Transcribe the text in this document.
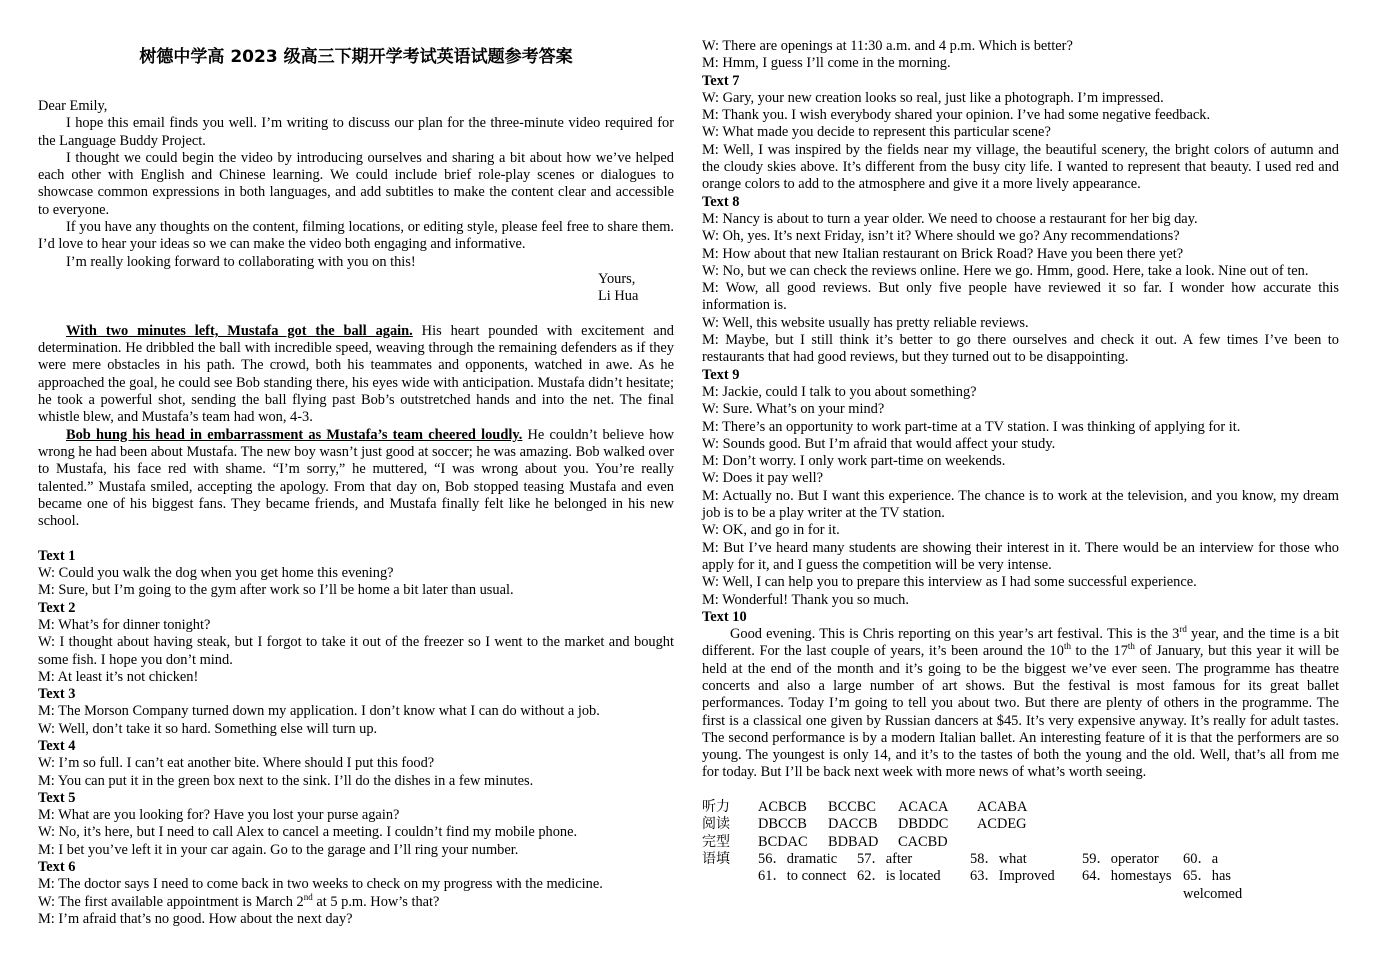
树德中学高 2023 级高三下期开学考试英语试题参考答案

Dear Emily,

I hope this email finds you well. I’m writing to discuss our plan for the three-minute video required for the Language Buddy Project.

I thought we could begin the video by introducing ourselves and sharing a bit about how we’ve helped each other with English and Chinese learning. We could include brief role-play scenes or dialogues to showcase common expressions in both languages, and add subtitles to make the content clear and accessible to everyone.

If you have any thoughts on the content, filming locations, or editing style, please feel free to share them. I’d love to hear your ideas so we can make the video both engaging and informative.

I’m really looking forward to collaborating with you on this!

Yours,

Li Hua

With two minutes left, Mustafa got the ball again. His heart pounded with excitement and determination. He dribbled the ball with incredible speed, weaving through the remaining defenders as if they were mere obstacles in his path. The crowd, both his teammates and opponents, watched in awe. As he approached the goal, he could see Bob standing there, his eyes wide with anticipation. Mustafa didn’t hesitate; he took a powerful shot, sending the ball flying past Bob’s outstretched hands and into the net. The final whistle blew, and Mustafa’s team had won, 4-3.

Bob hung his head in embarrassment as Mustafa’s team cheered loudly. He couldn’t believe how wrong he had been about Mustafa. The new boy wasn’t just good at soccer; he was amazing. Bob walked over to Mustafa, his face red with shame. “I’m sorry,” he muttered, “I was wrong about you. You’re really talented.” Mustafa smiled, accepting the apology. From that day on, Bob stopped teasing Mustafa and even became one of his biggest fans. They became friends, and Mustafa finally felt like he belonged in his new school.

Text 1

W: Could you walk the dog when you get home this evening?

M: Sure, but I’m going to the gym after work so I’ll be home a bit later than usual.

Text 2

M: What’s for dinner tonight?

W: I thought about having steak, but I forgot to take it out of the freezer so I went to the market and bought some fish. I hope you don’t mind.

M: At least it’s not chicken!

Text 3

M: The Morson Company turned down my application. I don’t know what I can do without a job.

W: Well, don’t take it so hard. Something else will turn up.

Text 4

W: I’m so full. I can’t eat another bite. Where should I put this food?

M: You can put it in the green box next to the sink. I’ll do the dishes in a few minutes.

Text 5

M: What are you looking for? Have you lost your purse again?

W: No, it’s here, but I need to call Alex to cancel a meeting. I couldn’t find my mobile phone.

M: I bet you’ve left it in your car again. Go to the garage and I’ll ring your number.

Text 6

M: The doctor says I need to come back in two weeks to check on my progress with the medicine.

W: The first available appointment is March 2nd at 5 p.m. How’s that?

M: I’m afraid that’s no good. How about the next day?

W: There are openings at 11:30 a.m. and 4 p.m. Which is better?

M: Hmm, I guess I’ll come in the morning.

Text 7

W: Gary, your new creation looks so real, just like a photograph. I’m impressed.

M: Thank you. I wish everybody shared your opinion. I’ve had some negative feedback.

W: What made you decide to represent this particular scene?

M: Well, I was inspired by the fields near my village, the beautiful scenery, the bright colors of autumn and the cloudy skies above. It’s different from the busy city life. I wanted to represent that beauty. I used red and orange colors to add to the atmosphere and give it a more lively appearance.

Text 8

M: Nancy is about to turn a year older. We need to choose a restaurant for her big day.

W: Oh, yes. It’s next Friday, isn’t it? Where should we go? Any recommendations?

M: How about that new Italian restaurant on Brick Road? Have you been there yet?

W: No, but we can check the reviews online. Here we go. Hmm, good. Here, take a look. Nine out of ten.

M: Wow, all good reviews. But only five people have reviewed it so far. I wonder how accurate this information is.

W: Well, this website usually has pretty reliable reviews.

M: Maybe, but I still think it’s better to go there ourselves and check it out. A few times I’ve been to restaurants that had good reviews, but they turned out to be disappointing.

Text 9

M: Jackie, could I talk to you about something?

W: Sure. What’s on your mind?

M: There’s an opportunity to work part-time at a TV station. I was thinking of applying for it.

W: Sounds good. But I’m afraid that would affect your study.

M: Don’t worry. I only work part-time on weekends.

W: Does it pay well?

M: Actually no. But I want this experience. The chance is to work at the television, and you know, my dream job is to be a play writer at the TV station.

W: OK, and go in for it.

M: But I’ve heard many students are showing their interest in it. There would be an interview for those who apply for it, and I guess the competition will be very intense.

W: Well, I can help you to prepare this interview as I had some successful experience.

M: Wonderful! Thank you so much.

Text 10

Good evening. This is Chris reporting on this year’s art festival. This is the 3rd year, and the time is a bit different. For the last couple of years, it’s been around the 10th to the 17th of January, but this year it will be held at the end of the month and it’s going to be the biggest we’ve ever seen. The programme has theatre concerts and also a large number of art shows. But the festival is most famous for its great ballet performances. Today I’m going to tell you about two. But there are plenty of others in the programme. The first is a classical one given by Russian dancers at $45. It’s very expensive anyway. It’s really for adult tastes. The second performance is by a modern Italian ballet. An interesting feature of it is that the performers are so young. The youngest is only 14, and it’s to the tastes of both the young and the old. Well, that’s all from me for today. But I’ll be back next week with more news of what’s worth seeing.

听力	ACBCB BCCBC ACACA ACABA
阅读	DBCCB DACCB DBDDC ACDEG
完型	BCDAC BDBAD CACBD
语填	56．dramatic	57．after	58．what	59．operator	60．a
61．to connect 62．is located	63．Improved	64．homestays 65．has welcomed
